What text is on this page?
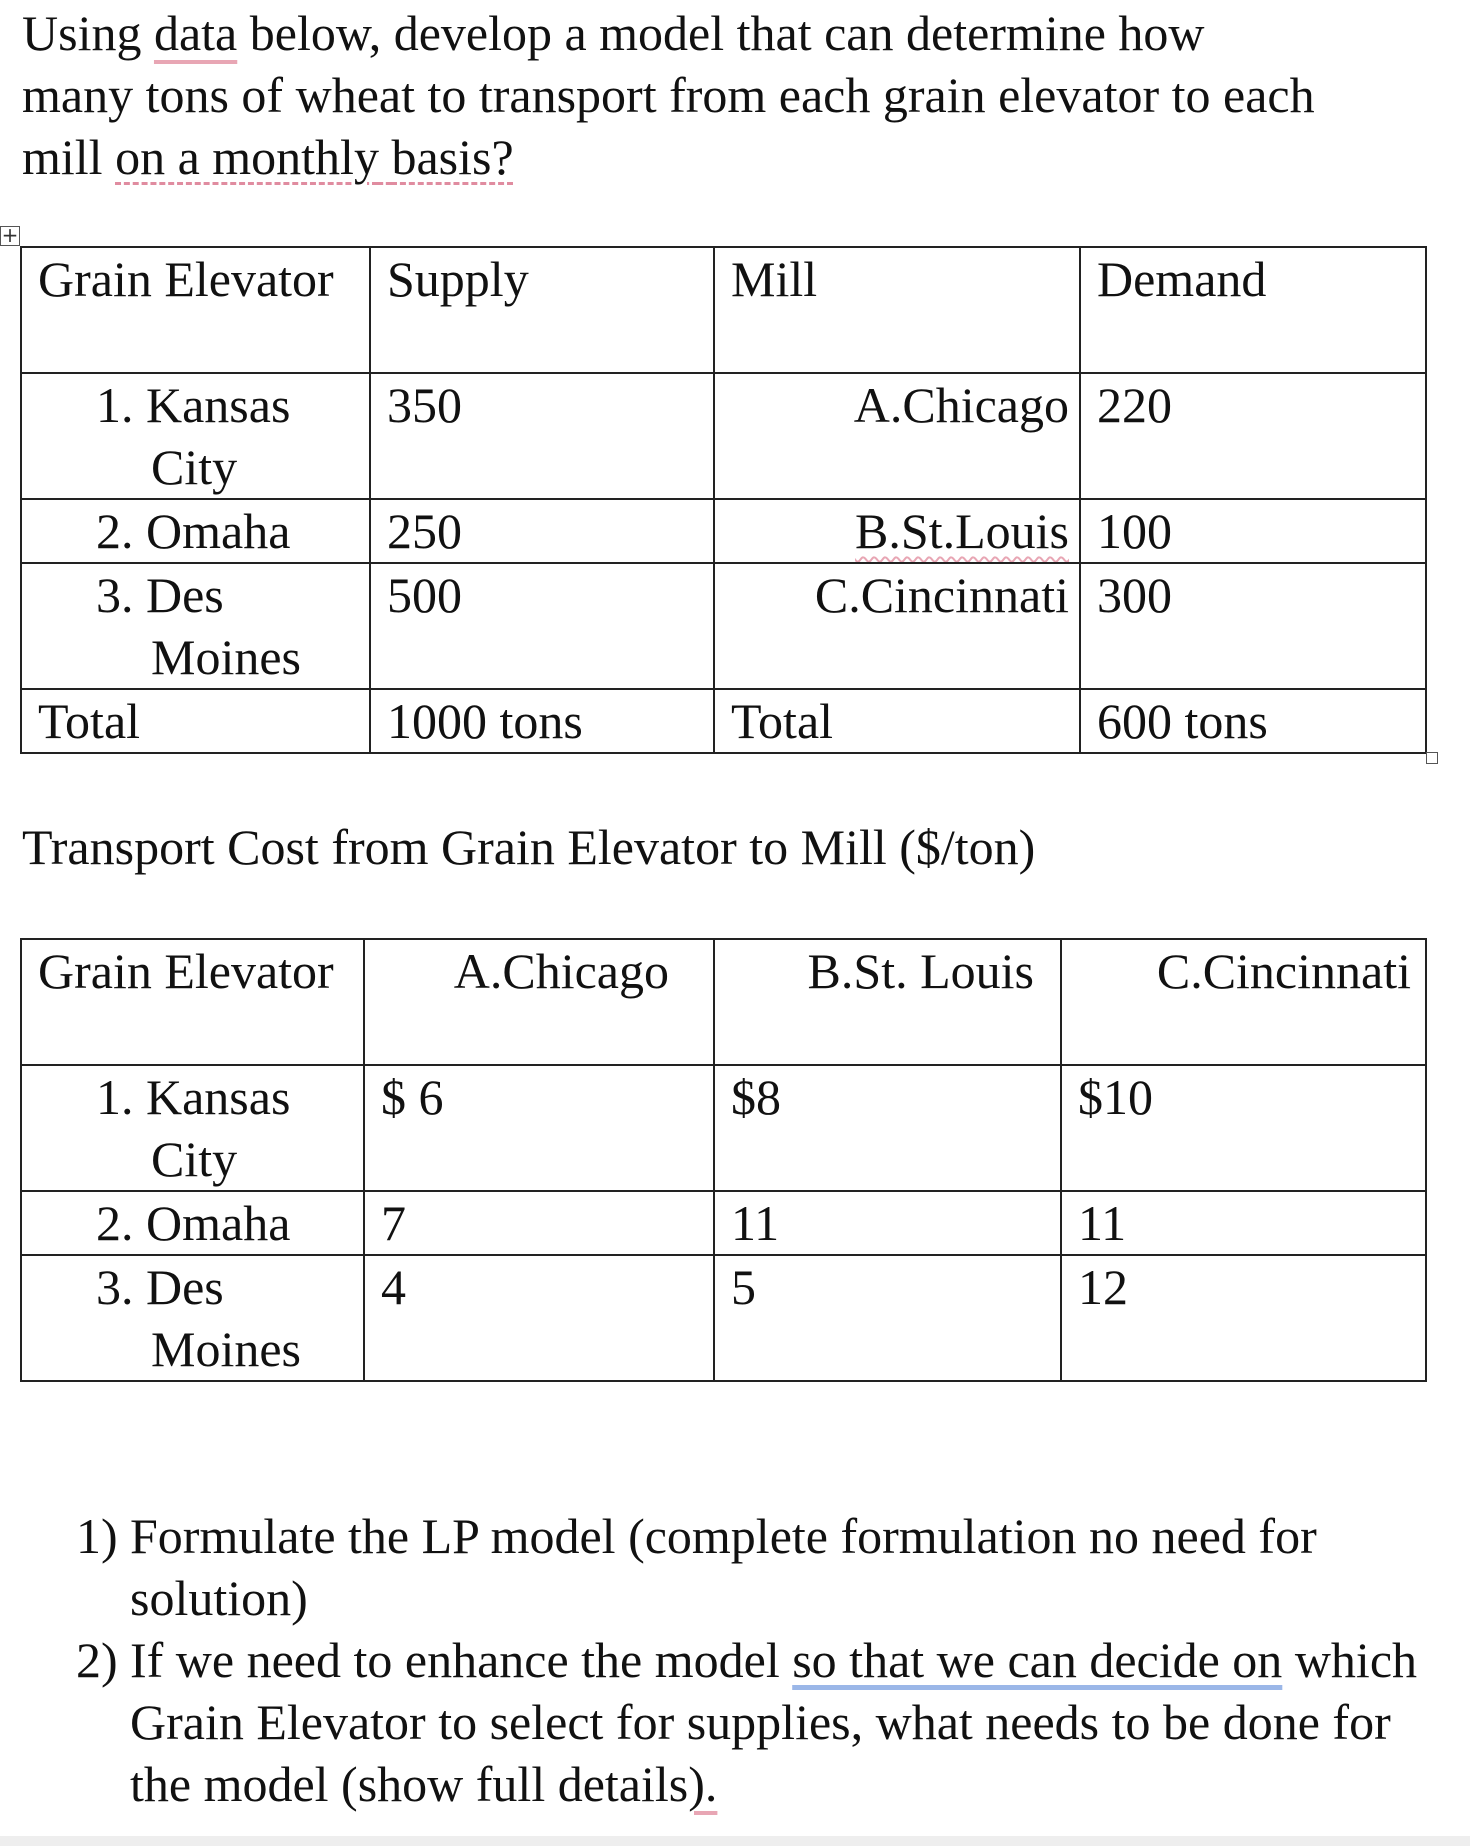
Using data below, develop a model that can determine how
many tons of wheat to transport from each grain elevator to each
mill on a monthly basis?
+
Grain Elevator	Supply	Mill	Demand

1. Kansas City	350	A.Chicago	220

2. Omaha	250	B.St.Louis	100

3. Des Moines	500	C.Cincinnati	300
Total	1000 tons	Total	600 tons
Transport Cost from Grain Elevator to Mill ($/ton)
Grain Elevator	A.Chicago	B.St. Louis	C.Cincinnati

1. Kansas City	$ 6	$8	$10

2. Omaha	7	11	11

3. Des Moines	4	5	12
1) Formulate the LP model (complete formulation no need for solution)
2) If we need to enhance the model so that we can decide on which Grain Elevator to select for supplies, what needs to be done for the model (show full details).
